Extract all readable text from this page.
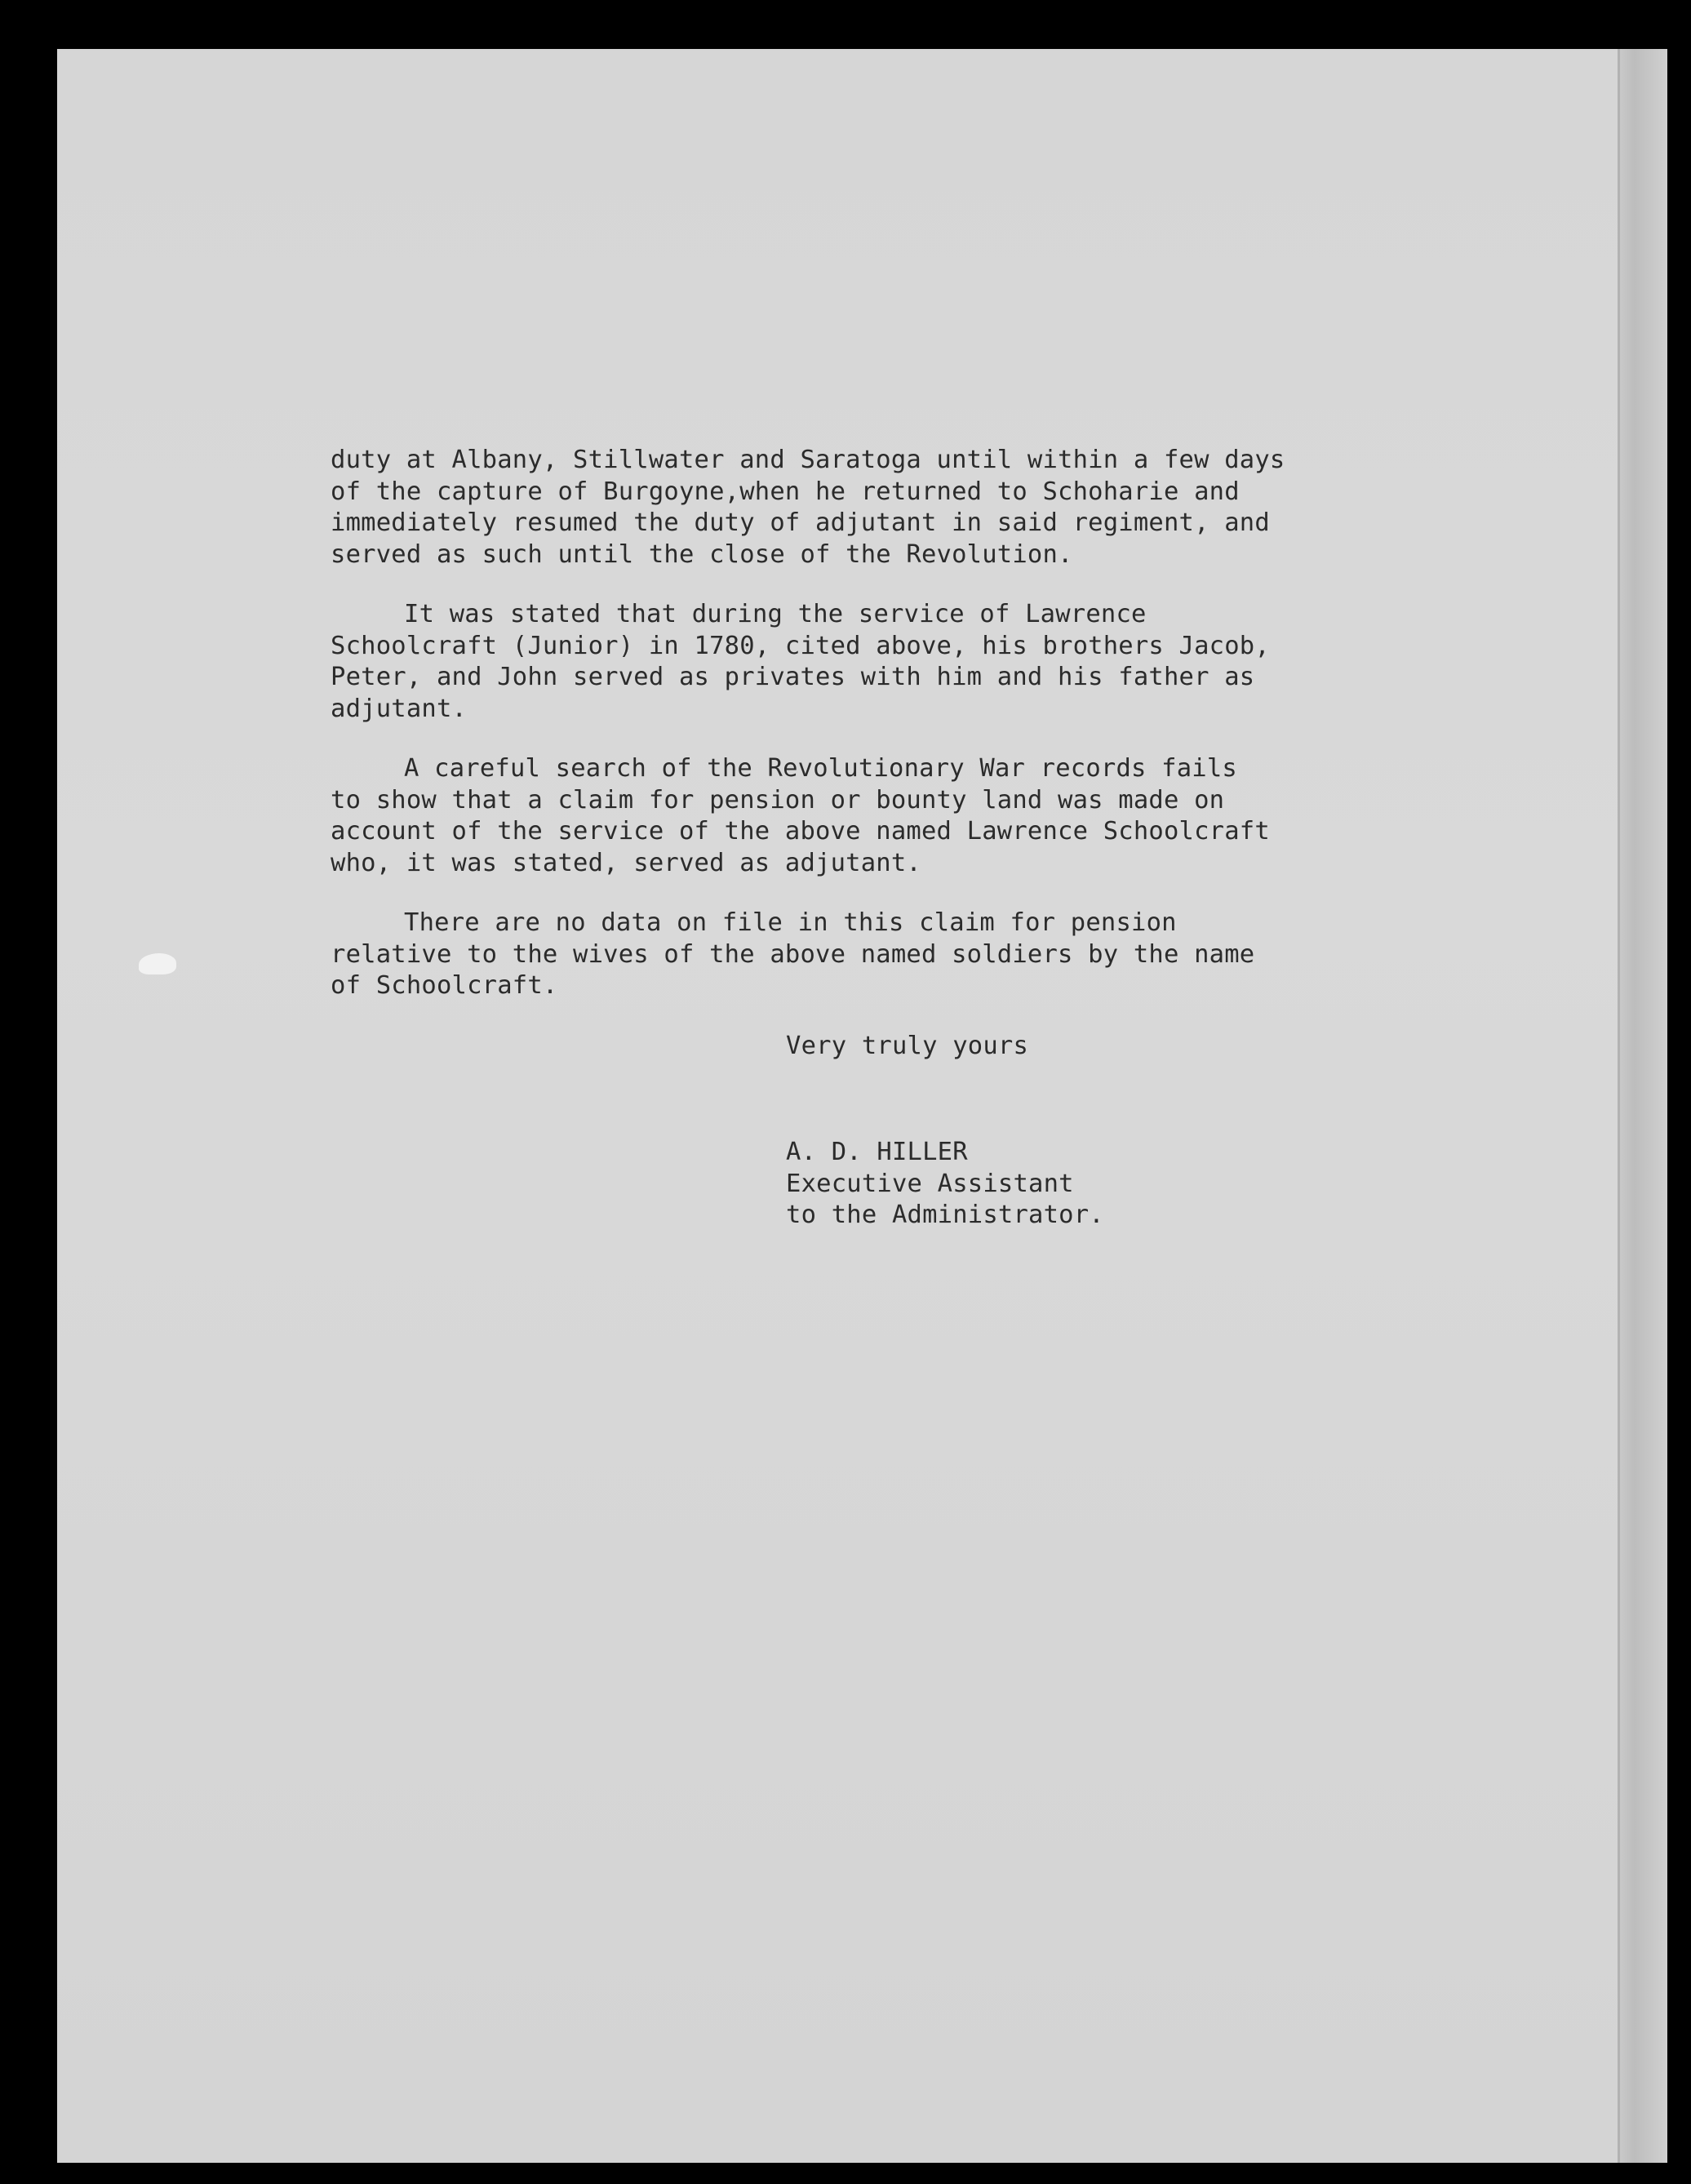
duty at Albany, Stillwater and Saratoga until within a few days
of the capture of Burgoyne,when he returned to Schoharie and
immediately resumed the duty of adjutant in said regiment, and
served as such until the close of the Revolution.
It was stated that during the service of Lawrence
Schoolcraft (Junior) in 1780, cited above, his brothers Jacob,
Peter, and John served as privates with him and his father as
adjutant.
A careful search of the Revolutionary War records fails
to show that a claim for pension or bounty land was made on
account of the service of the above named Lawrence Schoolcraft
who, it was stated, served as adjutant.
There are no data on file in this claim for pension
relative to the wives of the above named soldiers by the name
of Schoolcraft.
Very truly yours
A. D. HILLER
Executive Assistant
to the Administrator.
